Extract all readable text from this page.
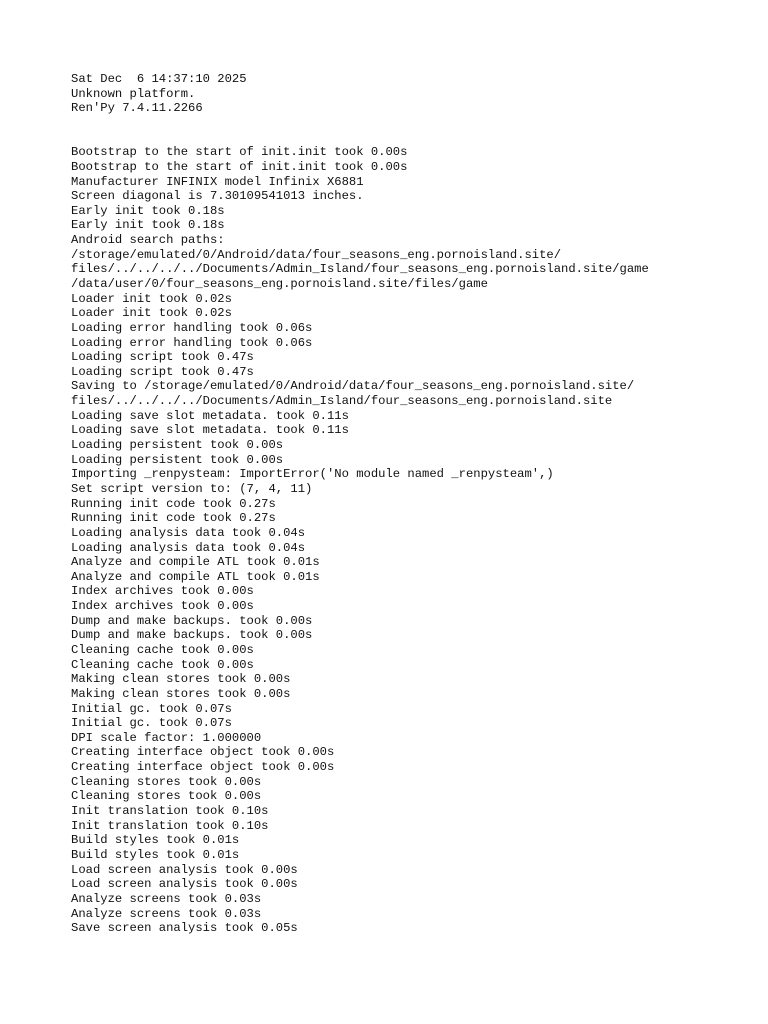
Sat Dec  6 14:37:10 2025
Unknown platform.
Ren'Py 7.4.11.2266
Bootstrap to the start of init.init took 0.00s
Bootstrap to the start of init.init took 0.00s
Manufacturer INFINIX model Infinix X6881
Screen diagonal is 7.30109541013 inches.
Early init took 0.18s
Early init took 0.18s
Android search paths:
/storage/emulated/0/Android/data/four_seasons_eng.pornoisland.site/
files/../../../../Documents/Admin_Island/four_seasons_eng.pornoisland.site/game
/data/user/0/four_seasons_eng.pornoisland.site/files/game
Loader init took 0.02s
Loader init took 0.02s
Loading error handling took 0.06s
Loading error handling took 0.06s
Loading script took 0.47s
Loading script took 0.47s
Saving to /storage/emulated/0/Android/data/four_seasons_eng.pornoisland.site/
files/../../../../Documents/Admin_Island/four_seasons_eng.pornoisland.site
Loading save slot metadata. took 0.11s
Loading save slot metadata. took 0.11s
Loading persistent took 0.00s
Loading persistent took 0.00s
Importing _renpysteam: ImportError('No module named _renpysteam',)
Set script version to: (7, 4, 11)
Running init code took 0.27s
Running init code took 0.27s
Loading analysis data took 0.04s
Loading analysis data took 0.04s
Analyze and compile ATL took 0.01s
Analyze and compile ATL took 0.01s
Index archives took 0.00s
Index archives took 0.00s
Dump and make backups. took 0.00s
Dump and make backups. took 0.00s
Cleaning cache took 0.00s
Cleaning cache took 0.00s
Making clean stores took 0.00s
Making clean stores took 0.00s
Initial gc. took 0.07s
Initial gc. took 0.07s
DPI scale factor: 1.000000
Creating interface object took 0.00s
Creating interface object took 0.00s
Cleaning stores took 0.00s
Cleaning stores took 0.00s
Init translation took 0.10s
Init translation took 0.10s
Build styles took 0.01s
Build styles took 0.01s
Load screen analysis took 0.00s
Load screen analysis took 0.00s
Analyze screens took 0.03s
Analyze screens took 0.03s
Save screen analysis took 0.05s
